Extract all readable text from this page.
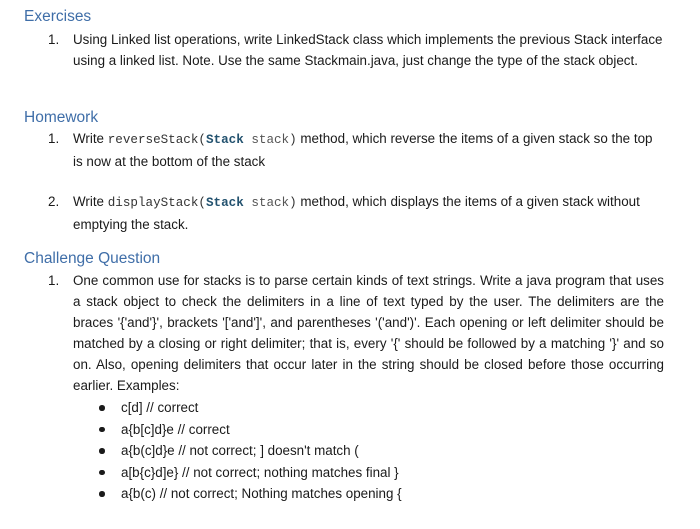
Exercises
1.	Using Linked list operations, write LinkedStack class which implements the previous Stack interface using a linked list. Note. Use the same Stackmain.java, just change the type of the stack object.
Homework
1.	Write reverseStack(Stack stack) method, which reverse the items of a given stack so the top is now at the bottom of the stack
2.	Write displayStack(Stack stack) method, which displays the items of a given stack without emptying the stack.
Challenge Question
1.	One common use for stacks is to parse certain kinds of text strings. Write a java program that uses a stack object to check the delimiters in a line of text typed by the user. The delimiters are the braces '{'and'}', brackets '['and']', and parentheses '('and')'. Each opening or left delimiter should be matched by a closing or right delimiter; that is, every '{' should be followed by a matching '}' and so on. Also, opening delimiters that occur later in the string should be closed before those occurring earlier. Examples:
c[d] // correct
a{b[c]d}e // correct
a{b(c]d}e // not correct; ] doesn't match (
a[b{c}d]e} // not correct; nothing matches final }
a{b(c) // not correct; Nothing matches opening {
